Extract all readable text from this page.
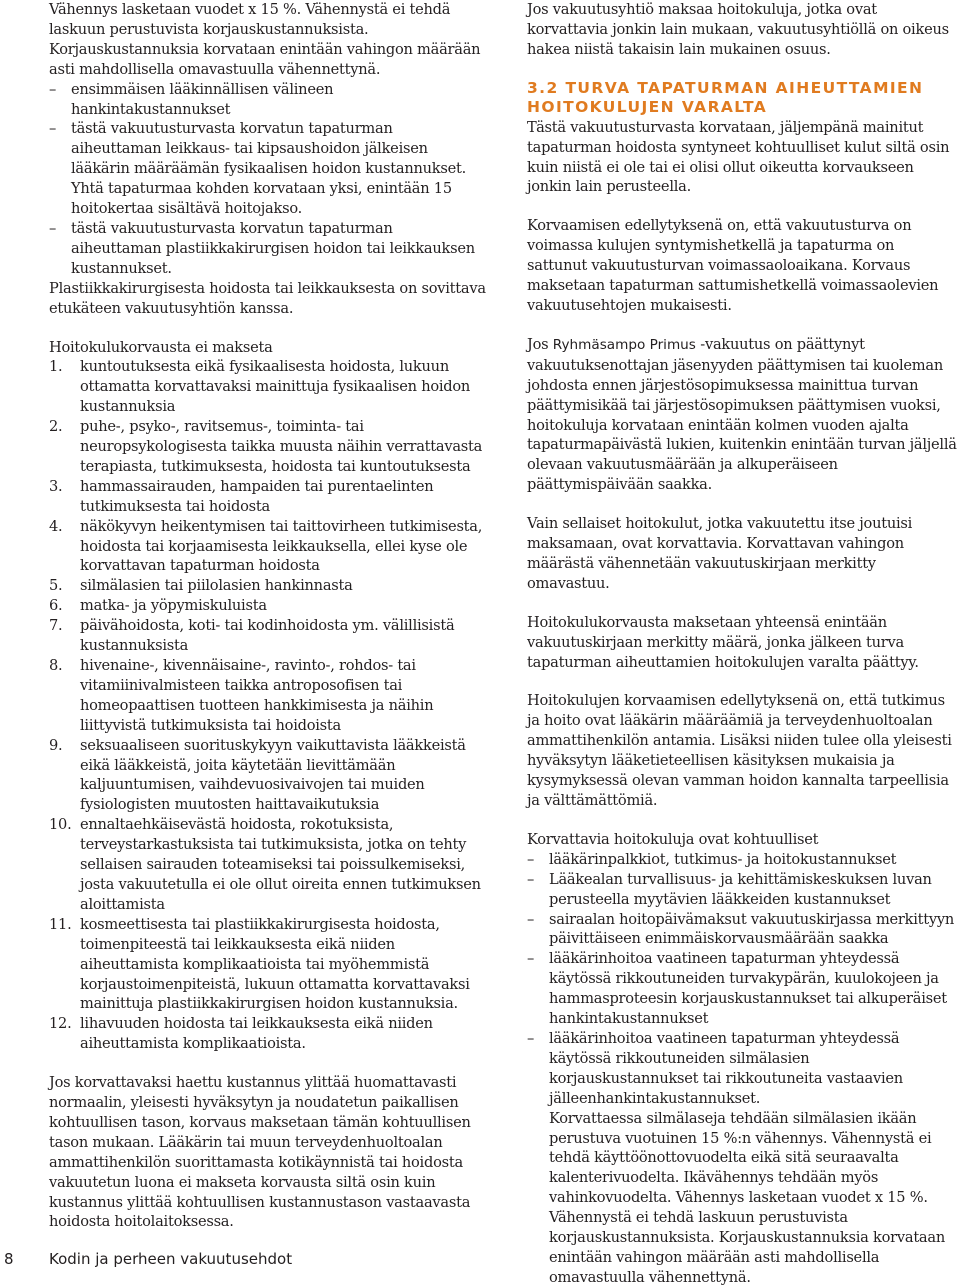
Vähennys lasketaan vuodet x 15 %. Vähennystä ei tehdä laskuun perustuvista korjauskustannuksista. Korjauskustannuksia korvataan enintään vahingon määrään asti mahdollisella omavastuulla vähennettynä.

– ensimmäisen lääkinnällisen välineen hankintakustannukset

– tästä vakuutusturvasta korvatun tapaturman aiheuttaman leikkaus- tai kipsaushoidon jälkeisen lääkärin määräämän fysikaalisen hoidon kustannukset. Yhtä tapaturmaa kohden korvataan yksi, enintään 15 hoitokertaa sisältävä hoitojakso.

– tästä vakuutusturvasta korvatun tapaturman aiheuttaman plastiikkakirurgisen hoidon tai leikkauksen kustannukset.

Plastiikkakirurgisesta hoidosta tai leikkauksesta on sovittava etukäteen vakuutusyhtiön kanssa.

Hoitokulukorvausta ei makseta

1. kuntoutuksesta eikä fysikaalisesta hoidosta, lukuun ottamatta korvattavaksi mainittuja fysikaalisen hoidon kustannuksia
2. puhe-, psyko-, ravitsemus-, toiminta- tai neuropsykologisesta taikka muusta näihin verrattavasta terapiasta, tutkimuksesta, hoidosta tai kuntoutuksesta
3. hammassairauden, hampaiden tai purentaelinten tutkimuksesta tai hoidosta
4. näkökyvyn heikentymisen tai taittovirheen tutkimisesta, hoidosta tai korjaamisesta leikkauksella, ellei kyse ole korvattavan tapaturman hoidosta
5. silmälasien tai piilolasien hankinnasta
6. matka- ja yöpymiskuluista
7. päivähoidosta, koti- tai kodinhoidosta ym. välillisistä kustannuksista
8. hivenaine-, kivennäisaine-, ravinto-, rohdos- tai vitamiinivalmisteen taikka antroposofisen tai homeopaattisen tuotteen hankkimisesta ja näihin liittyvistä tutkimuksista tai hoidoista
9. seksuaaliseen suorituskykyyn vaikuttavista lääkkeistä eikä lääkkeistä, joita käytetään lievittämään kaljuuntumisen, vaihdevuosivaivojen tai muiden fysiologisten muutosten haittavaikutuksia
10. ennaltaehkäisevästä hoidosta, rokotuksista, terveystarkastuksista tai tutkimuksista, jotka on tehty sellaisen sairauden toteamiseksi tai poissulkemiseksi, josta vakuutetulla ei ole ollut oireita ennen tutkimuksen aloittamista
11. kosmeettisesta tai plastiikkakirurgisesta hoidosta, toimenpiteestä tai leikkauksesta eikä niiden aiheuttamista komplikaatioista tai myöhemmistä korjaustoimenpiteistä, lukuun ottamatta korvattavaksi mainittuja plastiikkakirurgisen hoidon kustannuksia.
12. lihavuuden hoidosta tai leikkauksesta eikä niiden aiheuttamista komplikaatioista.

Jos korvattavaksi haettu kustannus ylittää huomattavasti normaalin, yleisesti hyväksytyn ja noudatetun paikallisen kohtuullisen tason, korvaus maksetaan tämän kohtuullisen tason mukaan. Lääkärin tai muun terveydenhuoltoalan ammattihenkilön suorittamasta kotikäynnistä tai hoidosta vakuutetun luona ei makseta korvausta siltä osin kuin kustannus ylittää kohtuullisen kustannustason vastaavasta hoidosta hoitolaitoksessa.

Jos vakuutusyhtiö maksaa hoitokuluja, jotka ovat korvattavia jonkin lain mukaan, vakuutusyhtiöllä on oikeus hakea niistä takaisin lain mukainen osuus.

3.2 TURVA TAPATURMAN AIHEUTTAMIEN HOITOKULUJEN VARALTA

Tästä vakuutusturvasta korvataan, jäljempänä mainitut tapaturman hoidosta syntyneet kohtuulliset kulut siltä osin kuin niistä ei ole tai ei olisi ollut oikeutta korvaukseen jonkin lain perusteella.

Korvaamisen edellytyksenä on, että vakuutusturva on voimassa kulujen syntymishetkellä ja tapaturma on sattunut vakuutusturvan voimassaoloaikana. Korvaus maksetaan tapaturman sattumishetkellä voimassaolevien vakuutusehtojen mukaisesti.

Jos Ryhmäsampo Primus -vakuutus on päättynyt vakuutuksenottajan jäsenyyden päättymisen tai kuoleman johdosta ennen järjestösopimuksessa mainittua turvan päättymisikää tai järjestösopimuksen päättymisen vuoksi, hoitokuluja korvataan enintään kolmen vuoden ajalta tapaturmapäivästä lukien, kuitenkin enintään turvan jäljellä olevaan vakuutusmäärään ja alkuperäiseen päättymispäivään saakka.

Vain sellaiset hoitokulut, jotka vakuutettu itse joutuisi maksamaan, ovat korvattavia. Korvattavan vahingon määrästä vähennetään vakuutuskirjaan merkitty omavastuu.

Hoitokulukorvausta maksetaan yhteensä enintään vakuutuskirjaan merkitty määrä, jonka jälkeen turva tapaturman aiheuttamien hoitokulujen varalta päättyy.

Hoitokulujen korvaamisen edellytyksenä on, että tutkimus ja hoito ovat lääkärin määräämiä ja terveydenhuoltoalan ammattihenkilön antamia. Lisäksi niiden tulee olla yleisesti hyväksytyn lääketieteellisen käsityksen mukaisia ja kysymyksessä olevan vamman hoidon kannalta tarpeellisia ja välttämättömiä.

Korvattavia hoitokuluja ovat kohtuulliset

– lääkärinpalkkiot, tutkimus- ja hoitokustannukset

– Lääkealan turvallisuus- ja kehittämiskeskuksen luvan perusteella myytävien lääkkeiden kustannukset

– sairaalan hoitopäivämaksut vakuutuskirjassa merkittyyn päivittäiseen enimmäiskorvausmäärään saakka

– lääkärinhoitoa vaatineen tapaturman yhteydessä käytössä rikkoutuneiden turvakypärän, kuulokojeen ja hammasproteesin korjauskustannukset tai alkuperäiset hankintakustannukset

– lääkärinhoitoa vaatineen tapaturman yhteydessä käytössä rikkoutuneiden silmälasien korjauskustannukset tai rikkoutuneita vastaavien jälleenhankintakustannukset.

Korvattaessa silmälaseja tehdään silmälasien ikään perustuva vuotuinen 15 %:n vähennys. Vähennystä ei tehdä käyttöönottovuodelta eikä sitä seuraavalta kalenterivuodelta. Ikävähennys tehdään myös vahinkovuodelta. Vähennys lasketaan vuodet x 15 %. Vähennystä ei tehdä laskuun perustuvista korjauskustannuksista. Korjauskustannuksia korvataan enintään vahingon määrään asti mahdollisella omavastuulla vähennettynä.

8 Kodin ja perheen vakuutusehdot
